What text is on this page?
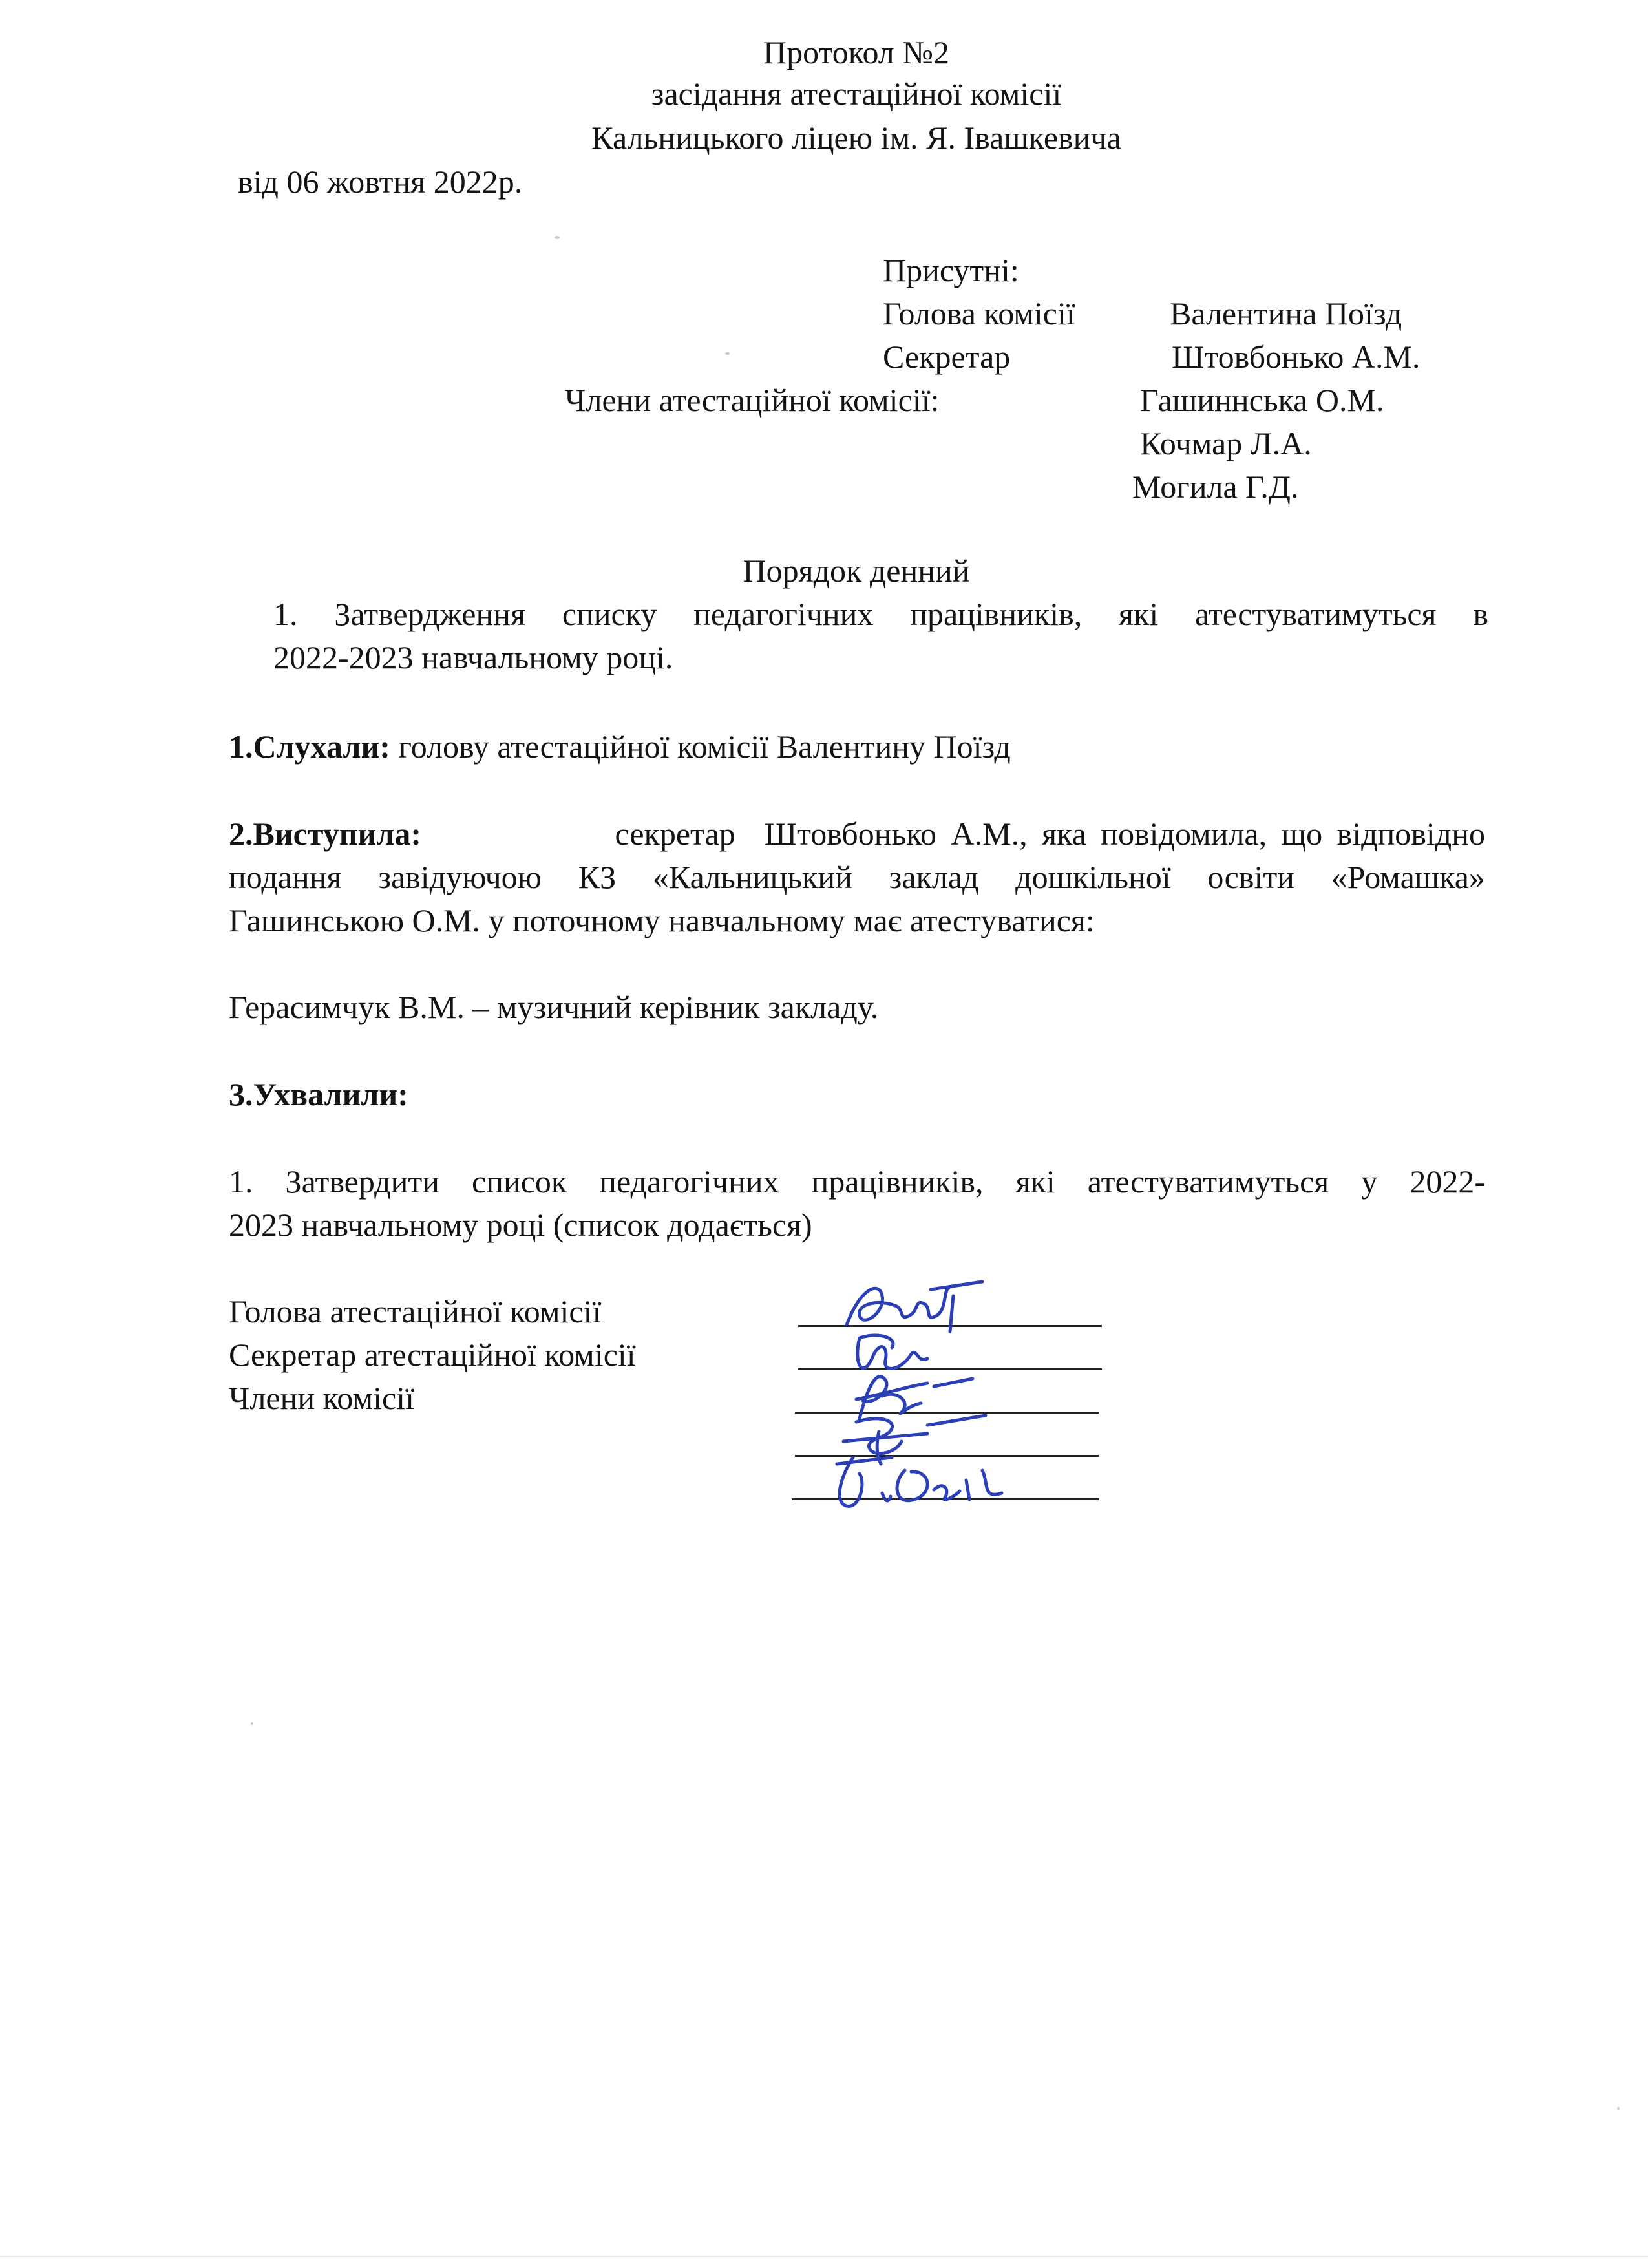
Протокол №2
засідання атестаційної комісії
Кальницького ліцею ім. Я. Івашкевича
від 06 жовтня 2022р.
Присутні:
Голова комісії	Валентина Поїзд
Секретар	Штовбонько А.М.
Члени атестаційної комісії:	Гашиннська О.М.
Кочмар Л.А.
Могила Г.Д.
Порядок денний
1. Затвердження списку педагогічних працівників, які атестуватимуться в
2022-2023 навчальному році.
1.Слухали: голову атестаційної комісії Валентину Поїзд
2.Виступила:	секретар  Штовбонько А.М., яка повідомила, що відповідно
подання завідуючою КЗ «Кальницький заклад дошкільної освіти «Ромашка»
Гашинською О.М. у поточному навчальному має атестуватися:
Герасимчук В.М. – музичний керівник закладу.
3.Ухвалили:
1. Затвердити список педагогічних працівників, які атестуватимуться у 2022-
2023 навчальному році (список додається)
Голова атестаційної комісії
Секретар атестаційної комісії
Члени комісії
